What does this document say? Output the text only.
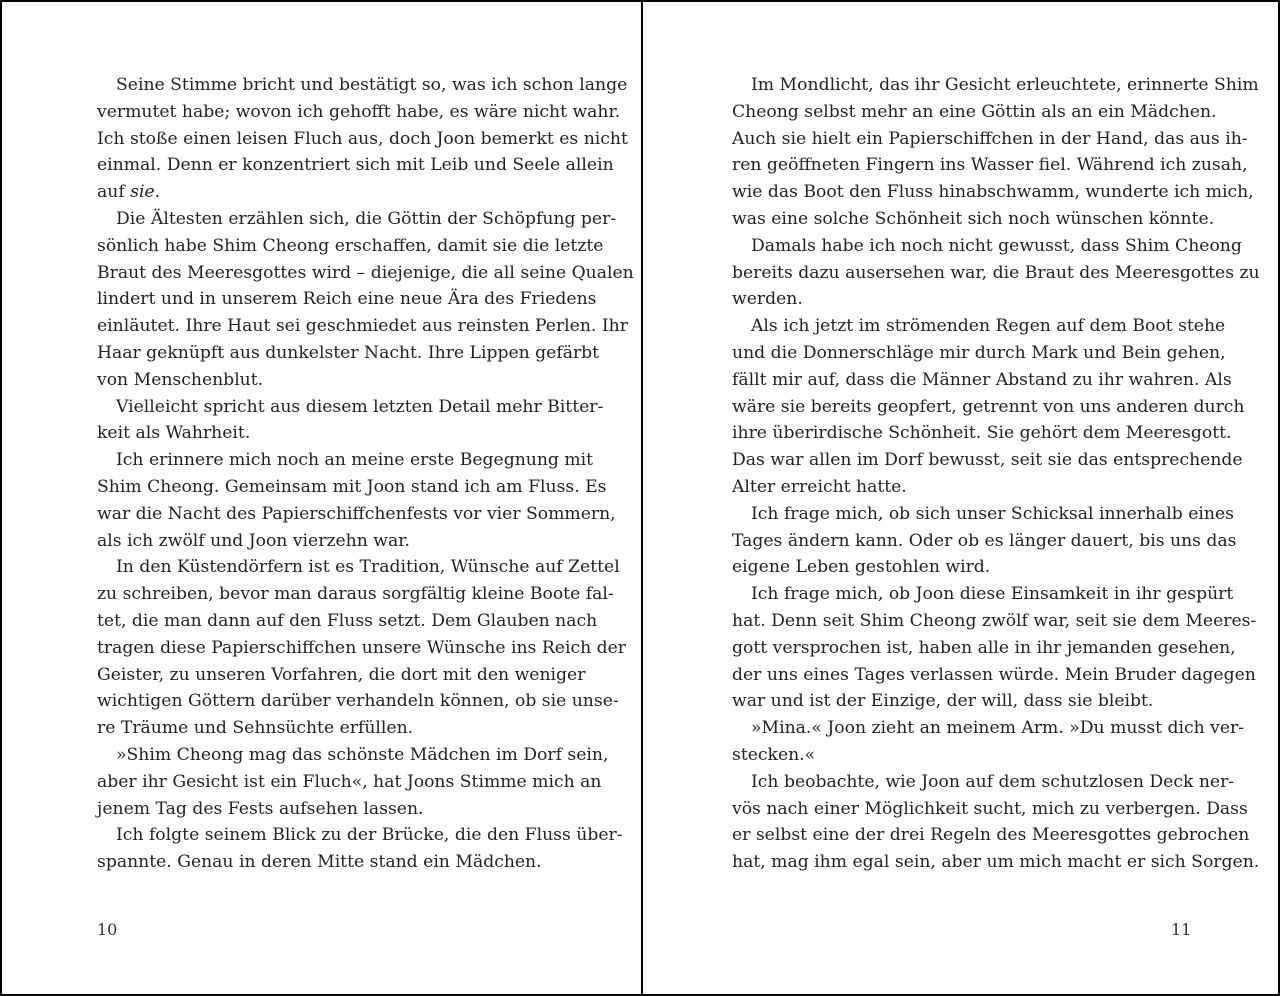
Seine Stimme bricht und bestätigt so, was ich schon lange
vermutet habe; wovon ich gehofft habe, es wäre nicht wahr.
Ich stoße einen leisen Fluch aus, doch Joon bemerkt es nicht
einmal. Denn er konzentriert sich mit Leib und Seele allein
auf sie.
Die Ältesten erzählen sich, die Göttin der Schöpfung per-
sönlich habe Shim Cheong erschaffen, damit sie die letzte
Braut des Meeresgottes wird – diejenige, die all seine Qualen
lindert und in unserem Reich eine neue Ära des Friedens
einläutet. Ihre Haut sei geschmiedet aus reinsten Perlen. Ihr
Haar geknüpft aus dunkelster Nacht. Ihre Lippen gefärbt
von Menschenblut.
Vielleicht spricht aus diesem letzten Detail mehr Bitter-
keit als Wahrheit.
Ich erinnere mich noch an meine erste Begegnung mit
Shim Cheong. Gemeinsam mit Joon stand ich am Fluss. Es
war die Nacht des Papierschiffchenfests vor vier Sommern,
als ich zwölf und Joon vierzehn war.
In den Küstendörfern ist es Tradition, Wünsche auf Zettel
zu schreiben, bevor man daraus sorgfältig kleine Boote fal-
tet, die man dann auf den Fluss setzt. Dem Glauben nach
tragen diese Papierschiffchen unsere Wünsche ins Reich der
Geister, zu unseren Vorfahren, die dort mit den weniger
wichtigen Göttern darüber verhandeln können, ob sie unse-
re Träume und Sehnsüchte erfüllen.
»Shim Cheong mag das schönste Mädchen im Dorf sein,
aber ihr Gesicht ist ein Fluch«, hat Joons Stimme mich an
jenem Tag des Fests aufsehen lassen.
Ich folgte seinem Blick zu der Brücke, die den Fluss über-
spannte. Genau in deren Mitte stand ein Mädchen.
10
Im Mondlicht, das ihr Gesicht erleuchtete, erinnerte Shim
Cheong selbst mehr an eine Göttin als an ein Mädchen.
Auch sie hielt ein Papierschiffchen in der Hand, das aus ih-
ren geöffneten Fingern ins Wasser fiel. Während ich zusah,
wie das Boot den Fluss hinabschwamm, wunderte ich mich,
was eine solche Schönheit sich noch wünschen könnte.
Damals habe ich noch nicht gewusst, dass Shim Cheong
bereits dazu ausersehen war, die Braut des Meeresgottes zu
werden.
Als ich jetzt im strömenden Regen auf dem Boot stehe
und die Donnerschläge mir durch Mark und Bein gehen,
fällt mir auf, dass die Männer Abstand zu ihr wahren. Als
wäre sie bereits geopfert, getrennt von uns anderen durch
ihre überirdische Schönheit. Sie gehört dem Meeresgott.
Das war allen im Dorf bewusst, seit sie das entsprechende
Alter erreicht hatte.
Ich frage mich, ob sich unser Schicksal innerhalb eines
Tages ändern kann. Oder ob es länger dauert, bis uns das
eigene Leben gestohlen wird.
Ich frage mich, ob Joon diese Einsamkeit in ihr gespürt
hat. Denn seit Shim Cheong zwölf war, seit sie dem Meeres-
gott versprochen ist, haben alle in ihr jemanden gesehen,
der uns eines Tages verlassen würde. Mein Bruder dagegen
war und ist der Einzige, der will, dass sie bleibt.
»Mina.« Joon zieht an meinem Arm. »Du musst dich ver-
stecken.«
Ich beobachte, wie Joon auf dem schutzlosen Deck ner-
vös nach einer Möglichkeit sucht, mich zu verbergen. Dass
er selbst eine der drei Regeln des Meeresgottes gebrochen
hat, mag ihm egal sein, aber um mich macht er sich Sorgen.
11
